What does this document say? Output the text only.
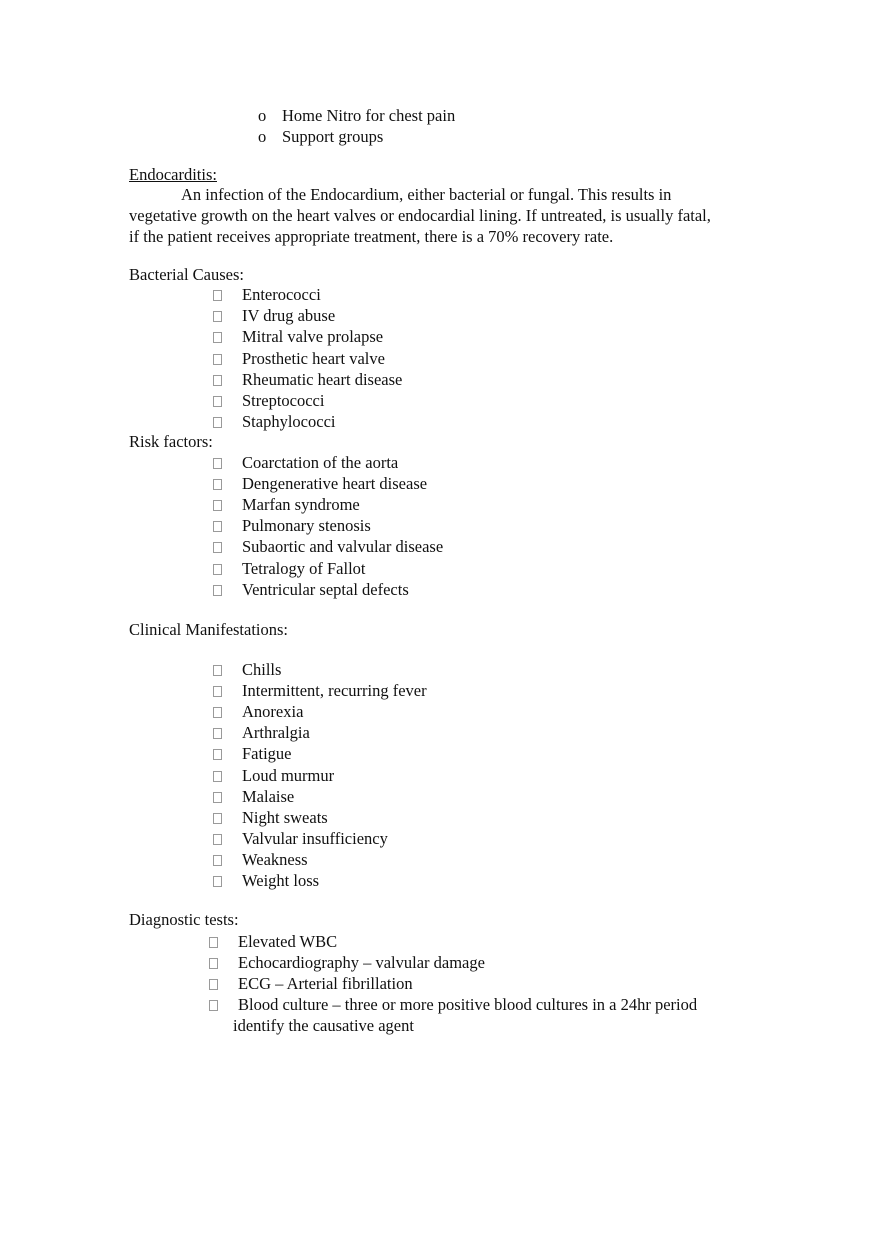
o Home Nitro for chest pain
o Support groups
Endocarditis:
An infection of the Endocardium, either bacterial or fungal. This results in
vegetative growth on the heart valves or endocardial lining. If untreated, is usually fatal,
if the patient receives appropriate treatment, there is a 70% recovery rate.
Bacterial Causes:
Risk factors:
Clinical Manifestations:
Diagnostic tests:
identify the causative agent
Enterococci
IV drug abuse
Mitral valve prolapse
Prosthetic heart valve
Rheumatic heart disease
Streptococci
Staphylococci
Coarctation of the aorta
Dengenerative heart disease
Marfan syndrome
Pulmonary stenosis
Subaortic and valvular disease
Tetralogy of Fallot
Ventricular septal defects
Chills
Intermittent, recurring fever
Anorexia
Arthralgia
Fatigue
Loud murmur
Malaise
Night sweats
Valvular insufficiency
Weakness
Weight loss
Elevated WBC
Echocardiography – valvular damage
ECG – Arterial fibrillation
Blood culture – three or more positive blood cultures in a 24hr period
